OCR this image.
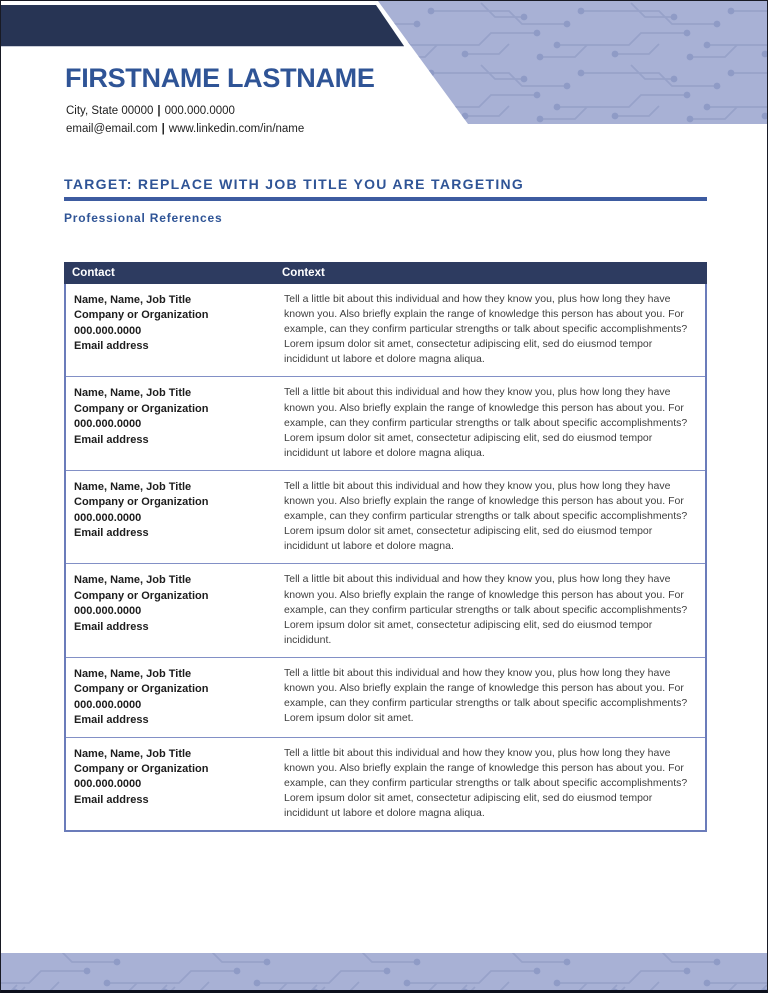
FIRSTNAME LASTNAME
City, State 00000 | 000.000.0000
email@email.com | www.linkedin.com/in/name
TARGET: REPLACE WITH JOB TITLE YOU ARE TARGETING
Professional References
Contact	Context
Name, Name, Job Title
Company or Organization
000.000.0000
Email address

Tell a little bit about this individual and how they know you, plus how long they have known you. Also briefly explain the range of knowledge this person has about you. For example, can they confirm particular strengths or talk about specific accomplishments? Lorem ipsum dolor sit amet, consectetur adipiscing elit, sed do eiusmod tempor incididunt ut labore et dolore magna aliqua.

Name, Name, Job Title
Company or Organization
000.000.0000
Email address

Tell a little bit about this individual and how they know you, plus how long they have known you. Also briefly explain the range of knowledge this person has about you. For example, can they confirm particular strengths or talk about specific accomplishments? Lorem ipsum dolor sit amet, consectetur adipiscing elit, sed do eiusmod tempor incididunt ut labore et dolore magna aliqua.

Name, Name, Job Title
Company or Organization
000.000.0000
Email address

Tell a little bit about this individual and how they know you, plus how long they have known you. Also briefly explain the range of knowledge this person has about you. For example, can they confirm particular strengths or talk about specific accomplishments? Lorem ipsum dolor sit amet, consectetur adipiscing elit, sed do eiusmod tempor incididunt ut labore et dolore magna.

Name, Name, Job Title
Company or Organization
000.000.0000
Email address

Tell a little bit about this individual and how they know you, plus how long they have known you. Also briefly explain the range of knowledge this person has about you. For example, can they confirm particular strengths or talk about specific accomplishments? Lorem ipsum dolor sit amet, consectetur adipiscing elit, sed do eiusmod tempor incididunt.

Name, Name, Job Title
Company or Organization
000.000.0000
Email address

Tell a little bit about this individual and how they know you, plus how long they have known you. Also briefly explain the range of knowledge this person has about you. For example, can they confirm particular strengths or talk about specific accomplishments? Lorem ipsum dolor sit amet.

Name, Name, Job Title
Company or Organization
000.000.0000
Email address

Tell a little bit about this individual and how they know you, plus how long they have known you. Also briefly explain the range of knowledge this person has about you. For example, can they confirm particular strengths or talk about specific accomplishments? Lorem ipsum dolor sit amet, consectetur adipiscing elit, sed do eiusmod tempor incididunt ut labore et dolore magna aliqua.
